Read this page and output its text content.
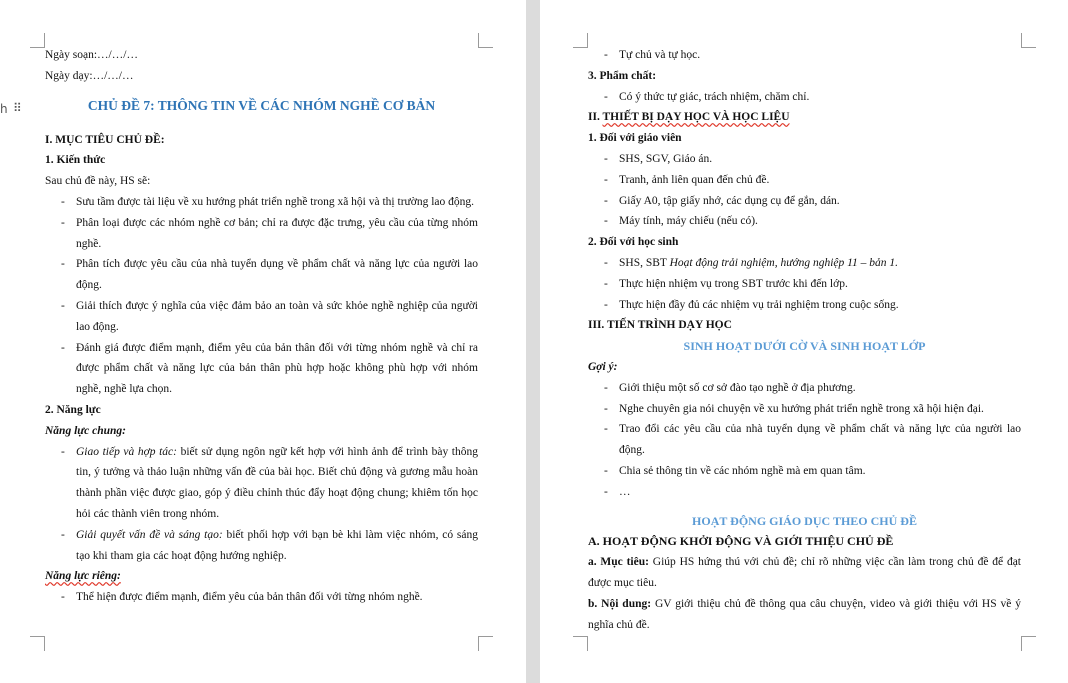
h ⠿
Ngày soạn:…/…/…
Ngày dạy:…/…/…
CHỦ ĐỀ 7: THÔNG TIN VỀ CÁC NHÓM NGHỀ CƠ BẢN
I. MỤC TIÊU CHỦ ĐỀ:
1. Kiến thức
Sau chủ đề này, HS sẽ:
- Sưu tầm được tài liệu về xu hướng phát triển nghề trong xã hội và thị trường lao động.
- Phân loại được các nhóm nghề cơ bản; chỉ ra được đặc trưng, yêu cầu của từng nhóm nghề.
- Phân tích được yêu cầu của nhà tuyển dụng về phẩm chất và năng lực của người lao động.
- Giải thích được ý nghĩa của việc đảm bảo an toàn và sức khỏe nghề nghiệp của người lao động.
- Đánh giá được điểm mạnh, điểm yêu của bản thân đối với từng nhóm nghề và chỉ ra được phẩm chất và năng lực của bản thân phù hợp hoặc không phù hợp với nhóm nghề, nghề lựa chọn.
2. Năng lực
Năng lực chung:
- Giao tiếp và hợp tác: biết sử dụng ngôn ngữ kết hợp với hình ảnh để trình bày thông tin, ý tưởng và thảo luận những vấn đề của bài học. Biết chủ động và gương mẫu hoàn thành phần việc được giao, góp ý điều chỉnh thúc đẩy hoạt động chung; khiêm tốn học hỏi các thành viên trong nhóm.
- Giải quyết vấn đề và sáng tạo: biết phối hợp với bạn bè khi làm việc nhóm, có sáng tạo khi tham gia các hoạt động hướng nghiệp.
Năng lực riêng:
- Thể hiện được điểm mạnh, điểm yêu của bản thân đối với từng nhóm nghề.
- Tự chủ và tự học.
3. Phẩm chất:
- Có ý thức tự giác, trách nhiệm, chăm chỉ.
II. THIẾT BỊ DẠY HỌC VÀ HỌC LIỆU
1. Đối với giáo viên
- SHS, SGV, Giáo án.
- Tranh, ảnh liên quan đến chủ đề.
- Giấy A0, tập giấy nhớ, các dụng cụ để gắn, dán.
- Máy tính, máy chiếu (nếu có).
2. Đối với học sinh
- SHS, SBT Hoạt động trải nghiệm, hướng nghiệp 11 – bản 1.
- Thực hiện nhiệm vụ trong SBT trước khi đến lớp.
- Thực hiện đầy đủ các nhiệm vụ trải nghiệm trong cuộc sống.
III. TIẾN TRÌNH DẠY HỌC
SINH HOẠT DƯỚI CỜ VÀ SINH HOẠT LỚP
Gợi ý:
- Giới thiệu một số cơ sở đào tạo nghề ở địa phương.
- Nghe chuyên gia nói chuyện về xu hướng phát triển nghề trong xã hội hiện đại.
- Trao đổi các yêu cầu của nhà tuyển dụng về phẩm chất và năng lực của người lao động.
- Chia sẻ thông tin về các nhóm nghề mà em quan tâm.
- …
HOẠT ĐỘNG GIÁO DỤC THEO CHỦ ĐỀ
A. HOẠT ĐỘNG KHỞI ĐỘNG VÀ GIỚI THIỆU CHỦ ĐỀ
a. Mục tiêu: Giúp HS hứng thú với chủ đề; chỉ rõ những việc cần làm trong chủ đề để đạt được mục tiêu.
b. Nội dung: GV giới thiệu chủ đề thông qua câu chuyện, video và giới thiệu với HS về ý nghĩa chủ đề.
